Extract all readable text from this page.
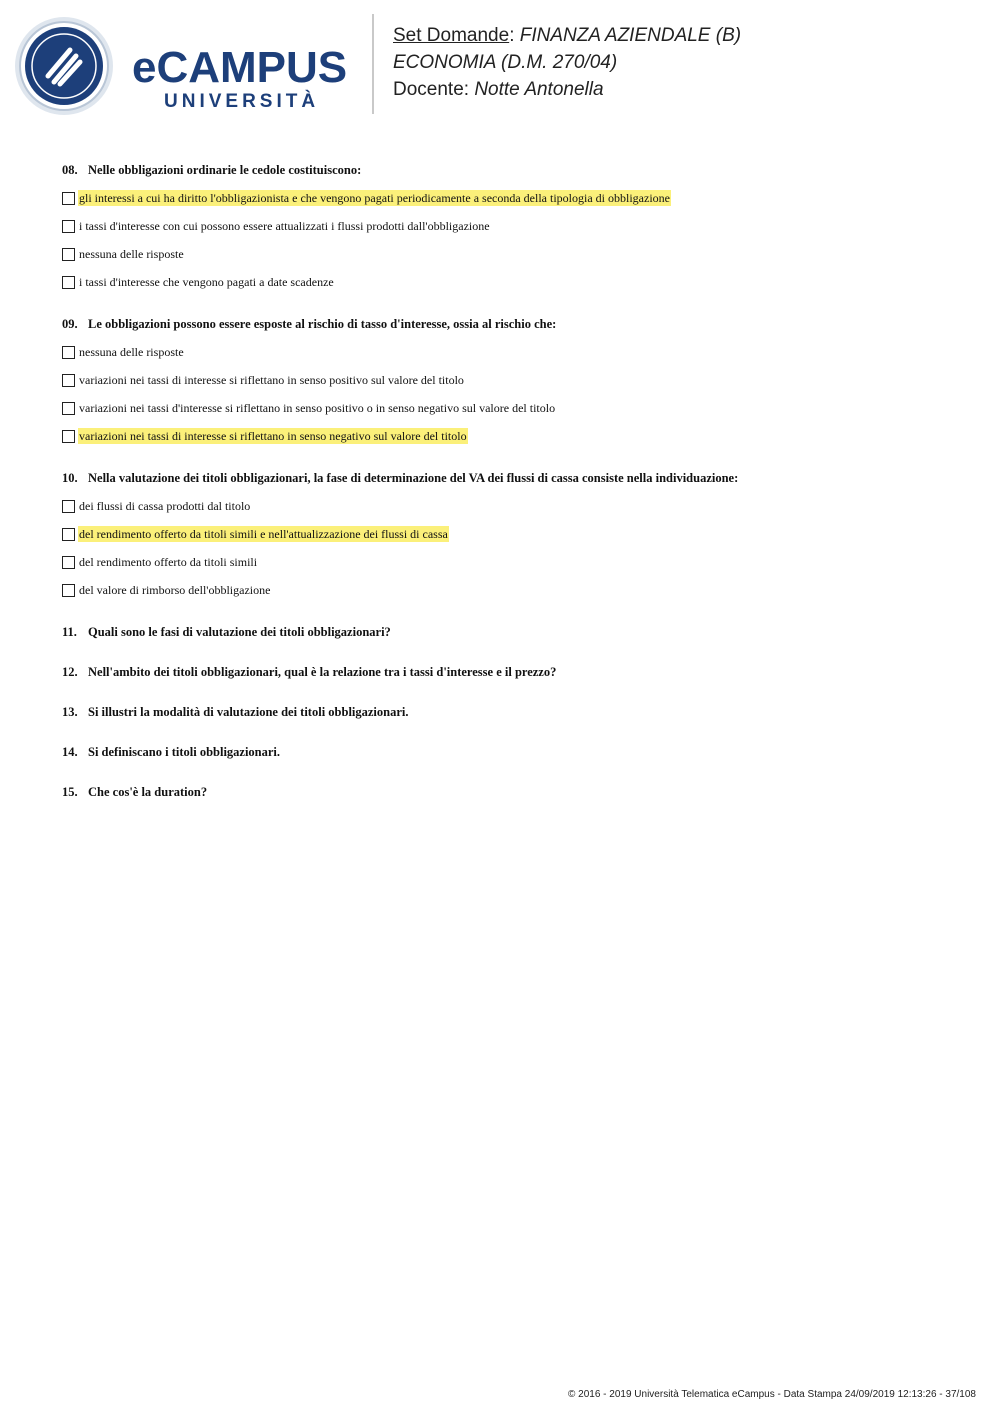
eCAMPUS
UNIVERSITÀ
Set Domande: FINANZA AZIENDALE (B)
ECONOMIA (D.M. 270/04)
Docente: Notte Antonella
08. Nelle obbligazioni ordinarie le cedole costituiscono:
gli interessi a cui ha diritto l'obbligazionista e che vengono pagati periodicamente a seconda della tipologia di obbligazione
i tassi d'interesse con cui possono essere attualizzati i flussi prodotti dall'obbligazione
nessuna delle risposte
i tassi d'interesse che vengono pagati a date scadenze
09. Le obbligazioni possono essere esposte al rischio di tasso d'interesse, ossia al rischio che:
nessuna delle risposte
variazioni nei tassi di interesse si riflettano in senso positivo sul valore del titolo
variazioni nei tassi d'interesse si riflettano in senso positivo o in senso negativo sul valore del titolo
variazioni nei tassi di interesse si riflettano in senso negativo sul valore del titolo
10. Nella valutazione dei titoli obbligazionari, la fase di determinazione del VA dei flussi di cassa consiste nella individuazione:
dei flussi di cassa prodotti dal titolo
del rendimento offerto da titoli simili e nell'attualizzazione dei flussi di cassa
del rendimento offerto da titoli simili
del valore di rimborso dell'obbligazione
11. Quali sono le fasi di valutazione dei titoli obbligazionari?
12. Nell'ambito dei titoli obbligazionari, qual è la relazione tra i tassi d'interesse e il prezzo?
13. Si illustri la modalità di valutazione dei titoli obbligazionari.
14. Si definiscano i titoli obbligazionari.
15. Che cos'è la duration?
© 2016 - 2019 Università Telematica eCampus - Data Stampa 24/09/2019 12:13:26 - 37/108
